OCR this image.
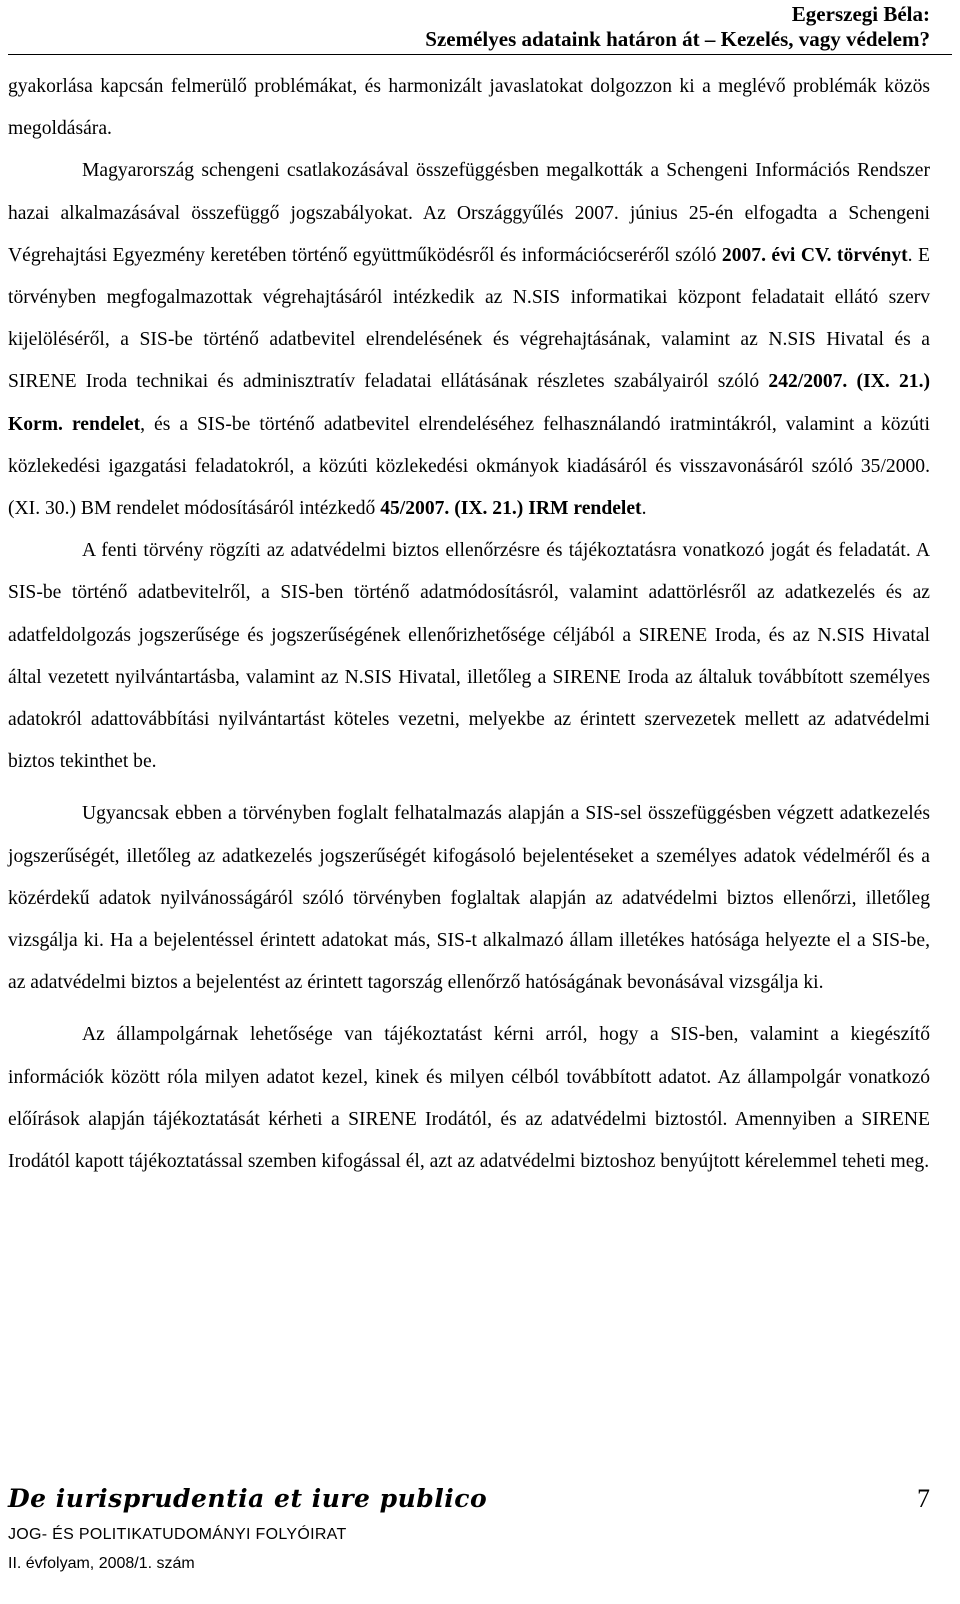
Egerszegi Béla:
Személyes adataink határon át – Kezelés, vagy védelem?

gyakorlása kapcsán felmerülő problémákat, és harmonizált javaslatokat dolgozzon ki a meglévő problémák közös megoldására.

Magyarország schengeni csatlakozásával összefüggésben megalkották a Schengeni Információs Rendszer hazai alkalmazásával összefüggő jogszabályokat. Az Országgyűlés 2007. június 25-én elfogadta a Schengeni Végrehajtási Egyezmény keretében történő együttműködésről és információcseréről szóló 2007. évi CV. törvényt. E törvényben megfogalmazottak végrehajtásáról intézkedik az N.SIS informatikai központ feladatait ellátó szerv kijelöléséről, a SIS-be történő adatbevitel elrendelésének és végrehajtásának, valamint az N.SIS Hivatal és a SIRENE Iroda technikai és adminisztratív feladatai ellátásának részletes szabályairól szóló 242/2007. (IX. 21.) Korm. rendelet, és a SIS-be történő adatbevitel elrendeléséhez felhasználandó iratmintákról, valamint a közúti közlekedési igazgatási feladatokról, a közúti közlekedési okmányok kiadásáról és visszavonásáról szóló 35/2000. (XI. 30.) BM rendelet módosításáról intézkedő 45/2007. (IX. 21.) IRM rendelet.

A fenti törvény rögzíti az adatvédelmi biztos ellenőrzésre és tájékoztatásra vonatkozó jogát és feladatát. A SIS-be történő adatbevitelről, a SIS-ben történő adatmódosításról, valamint adattörlésről az adatkezelés és az adatfeldolgozás jogszerűsége és jogszerűségének ellenőrizhetősége céljából a SIRENE Iroda, és az N.SIS Hivatal által vezetett nyilvántartásba, valamint az N.SIS Hivatal, illetőleg a SIRENE Iroda az általuk továbbított személyes adatokról adattovábbítási nyilvántartást köteles vezetni, melyekbe az érintett szervezetek mellett az adatvédelmi biztos tekinthet be.

Ugyancsak ebben a törvényben foglalt felhatalmazás alapján a SIS-sel összefüggésben végzett adatkezelés jogszerűségét, illetőleg az adatkezelés jogszerűségét kifogásoló bejelentéseket a személyes adatok védelméről és a közérdekű adatok nyilvánosságáról szóló törvényben foglaltak alapján az adatvédelmi biztos ellenőrzi, illetőleg vizsgálja ki. Ha a bejelentéssel érintett adatokat más, SIS-t alkalmazó állam illetékes hatósága helyezte el a SIS-be, az adatvédelmi biztos a bejelentést az érintett tagország ellenőrző hatóságának bevonásával vizsgálja ki.

Az állampolgárnak lehetősége van tájékoztatást kérni arról, hogy a SIS-ben, valamint a kiegészítő információk között róla milyen adatot kezel, kinek és milyen célból továbbított adatot. Az állampolgár vonatkozó előírások alapján tájékoztatását kérheti a SIRENE Irodától, és az adatvédelmi biztostól. Amennyiben a SIRENE Irodától kapott tájékoztatással szemben kifogással él, azt az adatvédelmi biztoshoz benyújtott kérelemmel teheti meg.

De iurisprudentia et iure publico	7
JOG- ÉS POLITIKATUDOMÁNYI FOLYÓIRAT
II. évfolyam, 2008/1. szám
